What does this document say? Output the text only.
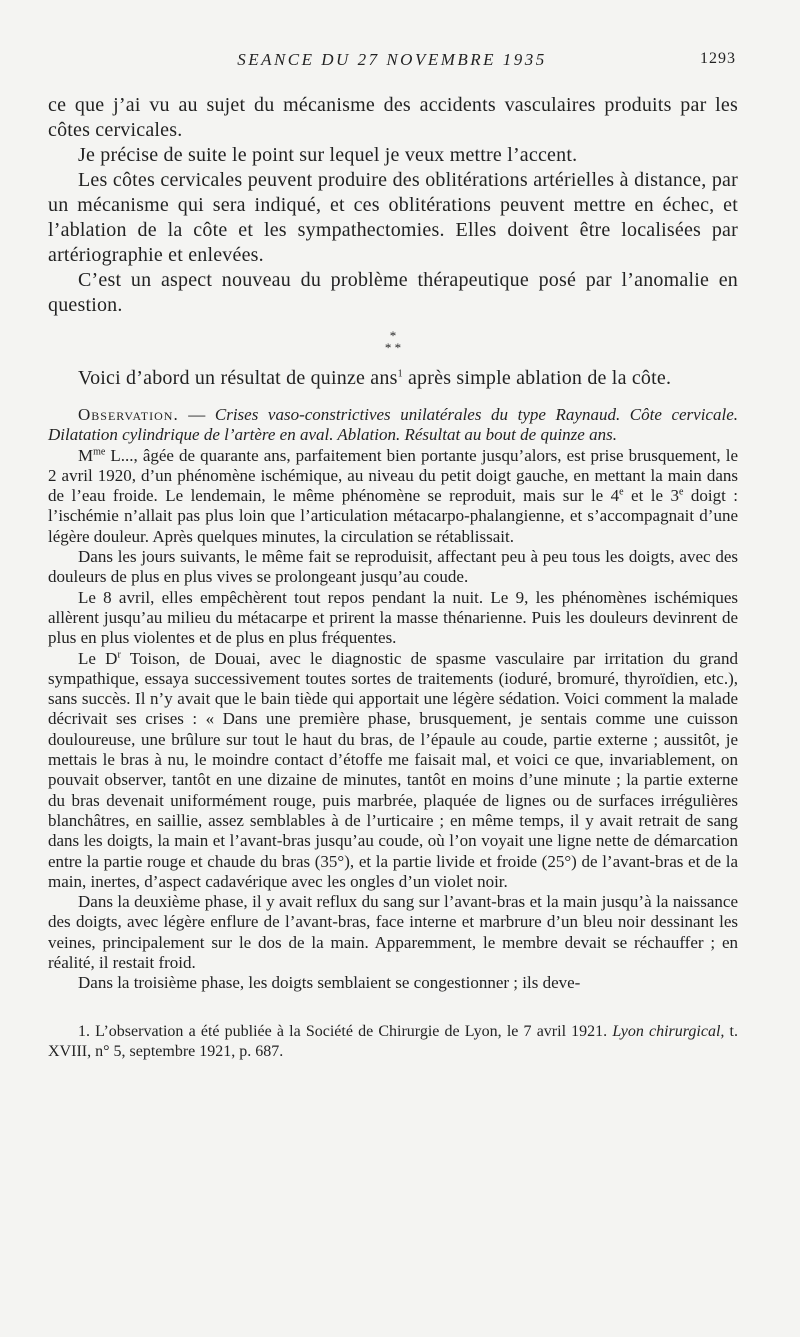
SEANCE DU 27 NOVEMBRE 1935	1293

ce que j’ai vu au sujet du mécanisme des accidents vasculaires produits par les côtes cervicales.

Je précise de suite le point sur lequel je veux mettre l’accent.

Les côtes cervicales peuvent produire des oblitérations artérielles à distance, par un mécanisme qui sera indiqué, et ces oblitérations peuvent mettre en échec, et l’ablation de la côte et les sympathectomies. Elles doivent être localisées par artériographie et enlevées.

C’est un aspect nouveau du problème thérapeutique posé par l’anomalie en question.

*
* *

Voici d’abord un résultat de quinze ans$^1$ après simple ablation de la côte.

Observation. — Crises vaso-constrictives unilatérales du type Raynaud. Côte cervicale. Dilatation cylindrique de l’artère en aval. Ablation. Résultat au bout de quinze ans.

$M^{me}$ L..., âgée de quarante ans, parfaitement bien portante jusqu’alors, est prise brusquement, le 2 avril 1920, d’un phénomène ischémique, au niveau du petit doigt gauche, en mettant la main dans de l’eau froide. Le lendemain, le même phénomène se reproduit, mais sur le 4e et le 3e doigt : l’ischémie n’allait pas plus loin que l’articulation métacarpo-phalangienne, et s’accompagnait d’une légère douleur. Après quelques minutes, la circulation se rétablissait.

Dans les jours suivants, le même fait se reproduisit, affectant peu à peu tous les doigts, avec des douleurs de plus en plus vives se prolongeant jusqu’au coude.

Le 8 avril, elles empêchèrent tout repos pendant la nuit. Le 9, les phénomènes ischémiques allèrent jusqu’au milieu du métacarpe et prirent la masse thénarienne. Puis les douleurs devinrent de plus en plus violentes et de plus en plus fréquentes.

Le $D^r$ Toison, de Douai, avec le diagnostic de spasme vasculaire par irritation du grand sympathique, essaya successivement toutes sortes de traitements (ioduré, bromuré, thyroïdien, etc.), sans succès. Il n’y avait que le bain tiède qui apportait une légère sédation. Voici comment la malade décrivait ses crises : « Dans une première phase, brusquement, je sentais comme une cuisson douloureuse, une brûlure sur tout le haut du bras, de l’épaule au coude, partie externe ; aussitôt, je mettais le bras à nu, le moindre contact d’étoffe me faisait mal, et voici ce que, invariablement, on pouvait observer, tantôt en une dizaine de minutes, tantôt en moins d’une minute ; la partie externe du bras devenait uniformément rouge, puis marbrée, plaquée de lignes ou de surfaces irrégulières blanchâtres, en saillie, assez semblables à de l’urticaire ; en même temps, il y avait retrait de sang dans les doigts, la main et l’avant-bras jusqu’au coude, où l’on voyait une ligne nette de démarcation entre la partie rouge et chaude du bras (35°), et la partie livide et froide (25°) de l’avant-bras et de la main, inertes, d’aspect cadavérique avec les ongles d’un violet noir.

Dans la deuxième phase, il y avait reflux du sang sur l’avant-bras et la main jusqu’à la naissance des doigts, avec légère enflure de l’avant-bras, face interne et marbrure d’un bleu noir dessinant les veines, principalement sur le dos de la main. Apparemment, le membre devait se réchauffer ; en réalité, il restait froid.

Dans la troisième phase, les doigts semblaient se congestionner ; ils deve-

1. L’observation a été publiée à la Société de Chirurgie de Lyon, le 7 avril 1921. Lyon chirurgical, t. XVIII, n° 5, septembre 1921, p. 687.
